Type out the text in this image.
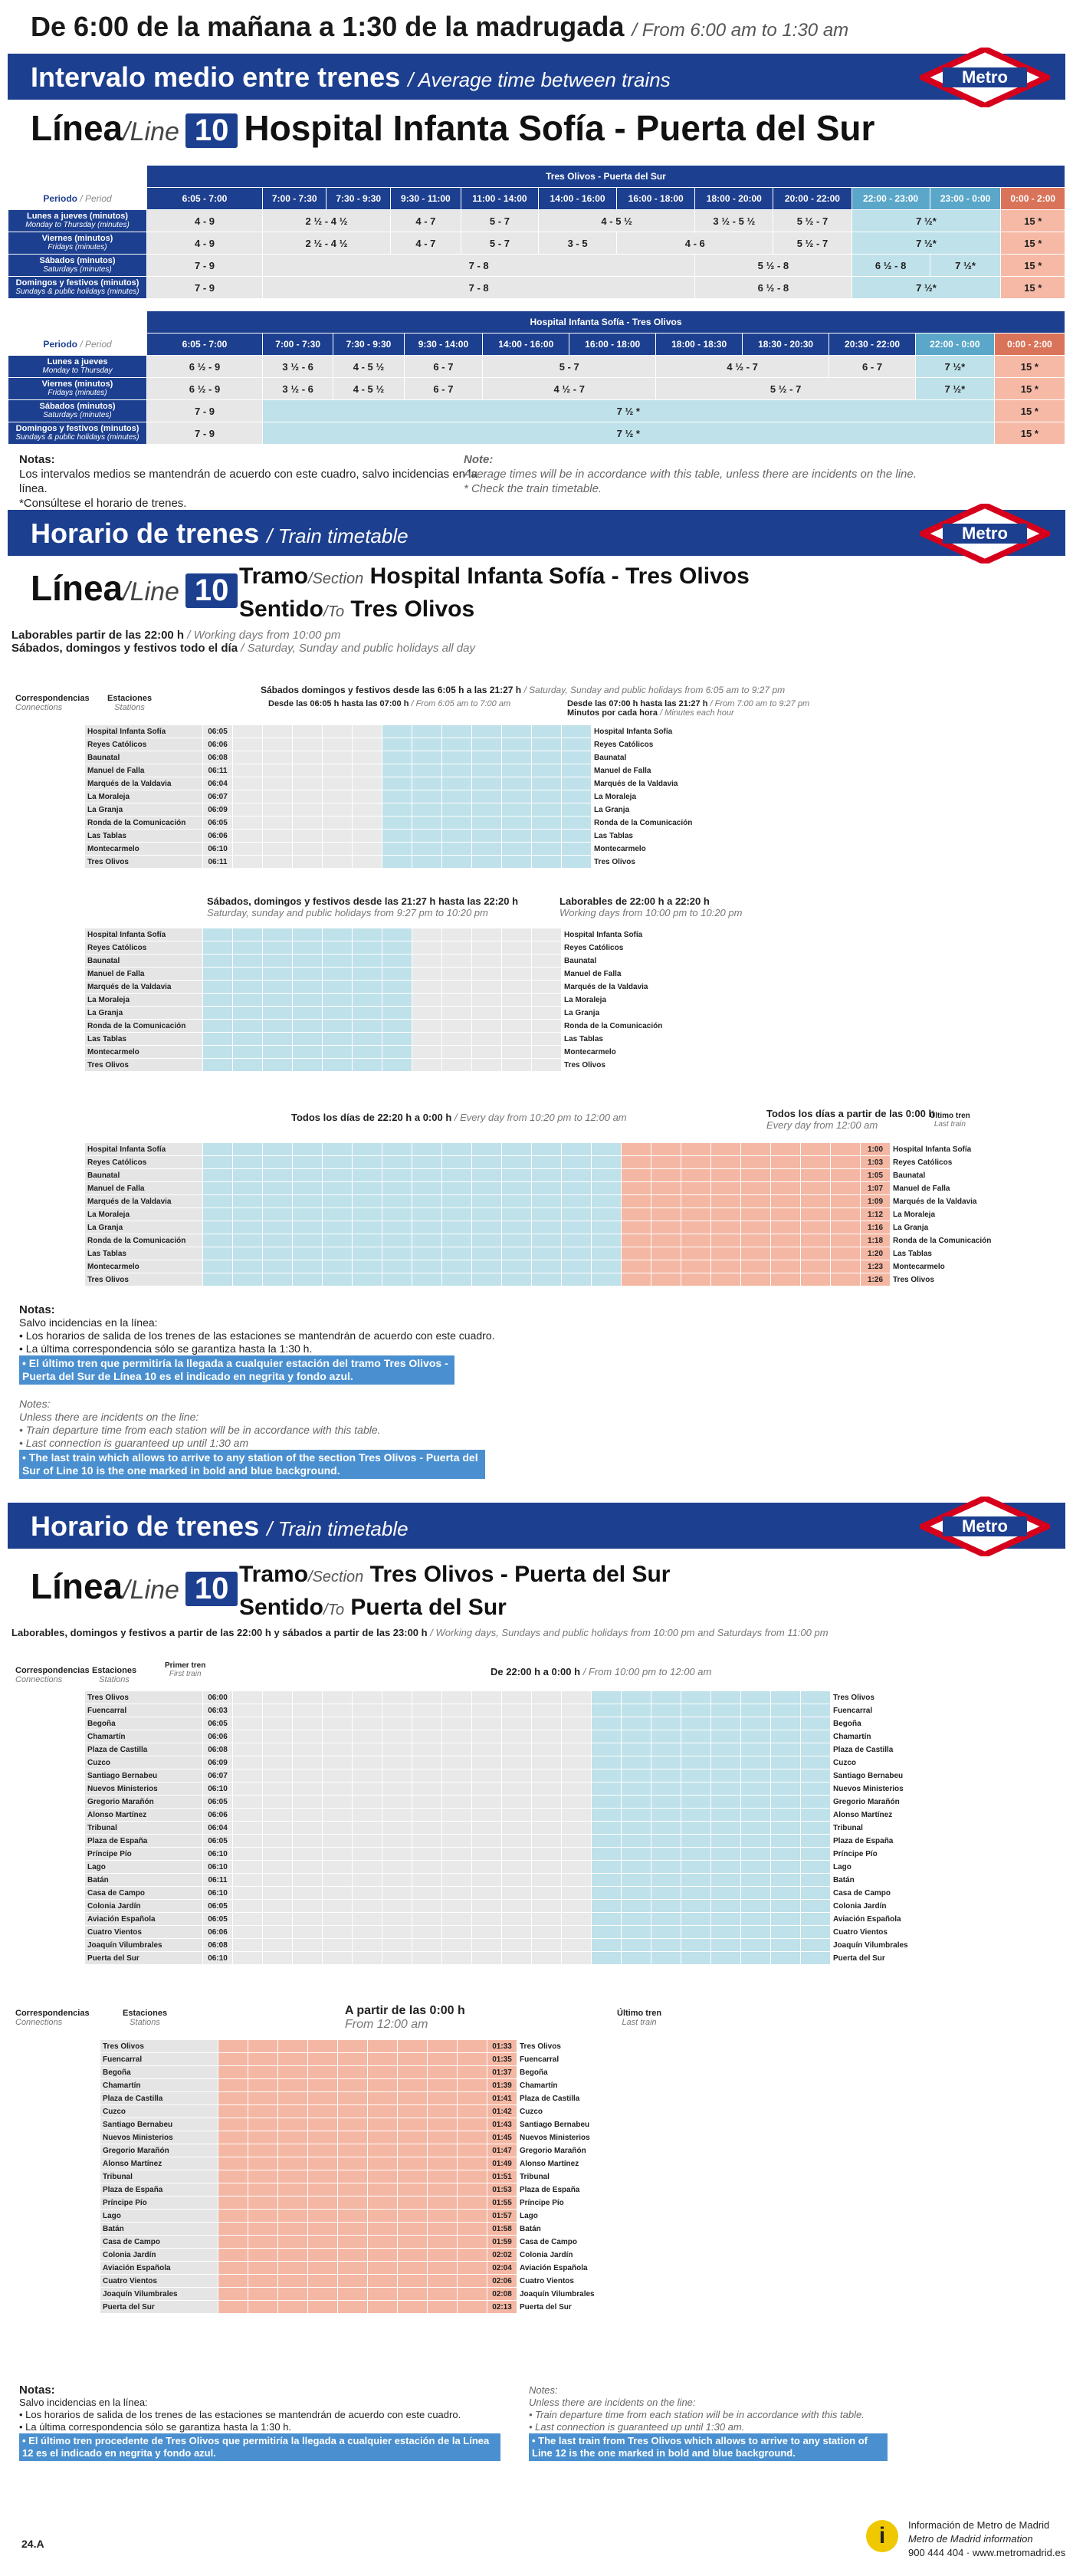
De 6:00 de la mañana a 1:30 de la madrugada / From 6:00 am to 1:30 am
Intervalo medio entre trenes / Average time between trains	Metro
Línea/Line 10 Hospital Infanta Sofía - Puerta del Sur
	Tres Olivos - Puerta del Sur											
Periodo / Period	6:05 - 7:00	7:00 - 7:30	7:30 - 9:30	9:30 - 11:00	11:00 - 14:00	14:00 - 16:00	16:00 - 18:00	18:00 - 20:00	20:00 - 22:00	22:00 - 23:00	23:00 - 0:00	0:00 - 2:00
Lunes a jueves (minutos)
Monday to Thursday (minutes)	4 - 9	2 ½ - 4 ½		4 - 7	5 - 7	4 - 5 ½		3 ½ - 5 ½	5 ½ - 7	7 ½*		15 *
Viernes (minutos)
Fridays (minutes)	4 - 9	2 ½ - 4 ½		4 - 7	5 - 7	3 - 5	4 - 6		5 ½ - 7	7 ½*		15 *
Sábados (minutos)
Saturdays (minutes)	7 - 9	7 - 8						5 ½ - 8		6 ½ - 8	7 ½*	15 *
Domingos y festivos (minutos)
Sundays & public holidays (minutes)	7 - 9	7 - 8						6 ½ - 8		7 ½*		15 *
	Hospital Infanta Sofía - Tres Olivos										
Periodo / Period	6:05 - 7:00	7:00 - 7:30	7:30 - 9:30	9:30 - 14:00	14:00 - 16:00	16:00 - 18:00	18:00 - 18:30	18:30 - 20:30	20:30 - 22:00	22:00 - 0:00	0:00 - 2:00
Lunes a jueves
Monday to Thursday	6 ½ - 9	3 ½ - 6	4 - 5 ½	6 - 7	5 - 7		4 ½ - 7		6 - 7	7 ½*	15 *
Viernes (minutos)
Fridays (minutes)	6 ½ - 9	3 ½ - 6	4 - 5 ½	6 - 7	4 ½ - 7		5 ½ - 7			7 ½*	15 *
Sábados (minutos)
Saturdays (minutes)	7 - 9	7 ½ *									15 *
Domingos y festivos (minutos)
Sundays & public holidays (minutes)	7 - 9	7 ½ *									15 *
Notas:
Los intervalos medios se mantendrán de acuerdo con este cuadro, salvo incidencias en la línea.
*Consúltese el horario de trenes.
Note:
Average times will be in accordance with this table, unless there are incidents on the line.
* Check the train timetable.
Horario de trenes / Train timetable	Metro
Línea/Line 10 Tramo/Section Hospital Infanta Sofía - Tres Olivos
Sentido/To Tres Olivos
Laborables partir de las 22:00 h / Working days from 10:00 pm
Sábados, domingos y festivos todo el día / Saturday, Sunday and public holidays all day
Correspondencias
Connections
Estaciones
Stations
Sábados domingos y festivos desde las 6:05 h a las 21:27 h / Saturday, Sunday and public holidays from 6:05 am to 9:27 pm
Desde las 06:05 h hasta las 07:00 h / From 6:05 am to 7:00 am	Desde las 07:00 h hasta las 21:27 h / From 7:00 am to 9:27 pm
Minutos por cada hora / Minutes each hour
Hospital Infanta Sofía	06:05													Hospital Infanta Sofía
Reyes Católicos	06:06													Reyes Católicos
Baunatal	06:08													Baunatal
Manuel de Falla	06:11													Manuel de Falla
Marqués de la Valdavia	06:04													Marqués de la Valdavia
La Moraleja	06:07													La Moraleja
La Granja	06:09													La Granja
Ronda de la Comunicación	06:05													Ronda de la Comunicación
Las Tablas	06:06													Las Tablas
Montecarmelo	06:10													Montecarmelo
Tres Olivos	06:11													Tres Olivos
Sábados, domingos y festivos desde las 21:27 h hasta las 22:20 h
Saturday, sunday and public holidays from 9:27 pm to 10:20 pm
Laborables de 22:00 h a 22:20 h
Working days from 10:00 pm to 10:20 pm
Hospital Infanta Sofía													Hospital Infanta Sofía
Reyes Católicos													Reyes Católicos
Baunatal													Baunatal
Manuel de Falla													Manuel de Falla
Marqués de la Valdavia													Marqués de la Valdavia
La Moraleja													La Moraleja
La Granja													La Granja
Ronda de la Comunicación													Ronda de la Comunicación
Las Tablas													Las Tablas
Montecarmelo													Montecarmelo
Tres Olivos													Tres Olivos
Todos los días de 22:20 h a 0:00 h / Every day from 10:20 pm to 12:00 am	Todos los días a partir de las 0:00 h
Every day from 12:00 am
Último tren
Last train
Hospital Infanta Sofía																							1:00	Hospital Infanta Sofía
Reyes Católicos																							1:03	Reyes Católicos
Baunatal																							1:05	Baunatal
Manuel de Falla																							1:07	Manuel de Falla
Marqués de la Valdavia																							1:09	Marqués de la Valdavia
La Moraleja																							1:12	La Moraleja
La Granja																							1:16	La Granja
Ronda de la Comunicación																							1:18	Ronda de la Comunicación
Las Tablas																							1:20	Las Tablas
Montecarmelo																							1:23	Montecarmelo
Tres Olivos																							1:26	Tres Olivos
Notas:
Salvo incidencias en la línea:
• Los horarios de salida de los trenes de las estaciones se mantendrán de acuerdo con este cuadro.
• La última correspondencia sólo se garantiza hasta la 1:30 h.
• El último tren que permitiría la llegada a cualquier estación del tramo Tres Olivos - Puerta del Sur de Línea 10 es el indicado en negrita y fondo azul.

Notes:
Unless there are incidents on the line:
• Train departure time from each station will be in accordance with this table.
• Last connection is guaranteed up until 1:30 am
• The last train which allows to arrive to any station of the section Tres Olivos - Puerta del Sur of Line 10 is the one marked in bold and blue background.
Horario de trenes / Train timetable	Metro
Línea/Line 10 Tramo/Section Tres Olivos - Puerta del Sur
Sentido/To Puerta del Sur
Laborables, domingos y festivos a partir de las 22:00 h y sábados a partir de las 23:00 h / Working days, Sundays and public holidays from 10:00 pm and Saturdays from 11:00 pm
Correspondencias
Connections
Estaciones
Stations
Primer tren
First train	De 22:00 h a 0:00 h / From 10:00 pm to 12:00 am
Tres Olivos	06:00																					Tres Olivos
Fuencarral	06:03																					Fuencarral
Begoña	06:05																					Begoña
Chamartín	06:06																					Chamartín
Plaza de Castilla	06:08																					Plaza de Castilla
Cuzco	06:09																					Cuzco
Santiago Bernabeu	06:07																					Santiago Bernabeu
Nuevos Ministerios	06:10																					Nuevos Ministerios
Gregorio Marañón	06:05																					Gregorio Marañón
Alonso Martínez	06:06																					Alonso Martínez
Tribunal	06:04																					Tribunal
Plaza de España	06:05																					Plaza de España
Príncipe Pío	06:10																					Príncipe Pío
Lago	06:10																					Lago
Batán	06:11																					Batán
Casa de Campo	06:10																					Casa de Campo
Colonia Jardín	06:05																					Colonia Jardín
Aviación Española	06:05																					Aviación Española
Cuatro Vientos	06:06																					Cuatro Vientos
Joaquín Vilumbrales	06:08																					Joaquín Vilumbrales
Puerta del Sur	06:10																					Puerta del Sur
Correspondencias
Connections
Estaciones
Stations
A partir de las 0:00 h
From 12:00 am
Último tren
Last train
Tres Olivos										01:33	Tres Olivos
Fuencarral										01:35	Fuencarral
Begoña										01:37	Begoña
Chamartín										01:39	Chamartín
Plaza de Castilla										01:41	Plaza de Castilla
Cuzco										01:42	Cuzco
Santiago Bernabeu										01:43	Santiago Bernabeu
Nuevos Ministerios										01:45	Nuevos Ministerios
Gregorio Marañón										01:47	Gregorio Marañón
Alonso Martínez										01:49	Alonso Martínez
Tribunal										01:51	Tribunal
Plaza de España										01:53	Plaza de España
Príncipe Pío										01:55	Príncipe Pío
Lago										01:57	Lago
Batán										01:58	Batán
Casa de Campo										01:59	Casa de Campo
Colonia Jardín										02:02	Colonia Jardín
Aviación Española										02:04	Aviación Española
Cuatro Vientos										02:06	Cuatro Vientos
Joaquín Vilumbrales										02:08	Joaquín Vilumbrales
Puerta del Sur										02:13	Puerta del Sur
Notas:
Salvo incidencias en la línea:
• Los horarios de salida de los trenes de las estaciones se mantendrán de acuerdo con este cuadro.
• La última correspondencia sólo se garantiza hasta la 1:30 h.
• El último tren procedente de Tres Olivos que permitiría la llegada a cualquier estación de la Línea 12 es el indicado en negrita y fondo azul.
Notes:
Unless there are incidents on the line:
• Train departure time from each station will be in accordance with this table.
• Last connection is guaranteed up until 1:30 am.
• The last train from Tres Olivos which allows to arrive to any station of Line 12 is the one marked in bold and blue background.
24.A	i	Información de Metro de Madrid
Metro de Madrid information
900 444 404 · www.metromadrid.es
